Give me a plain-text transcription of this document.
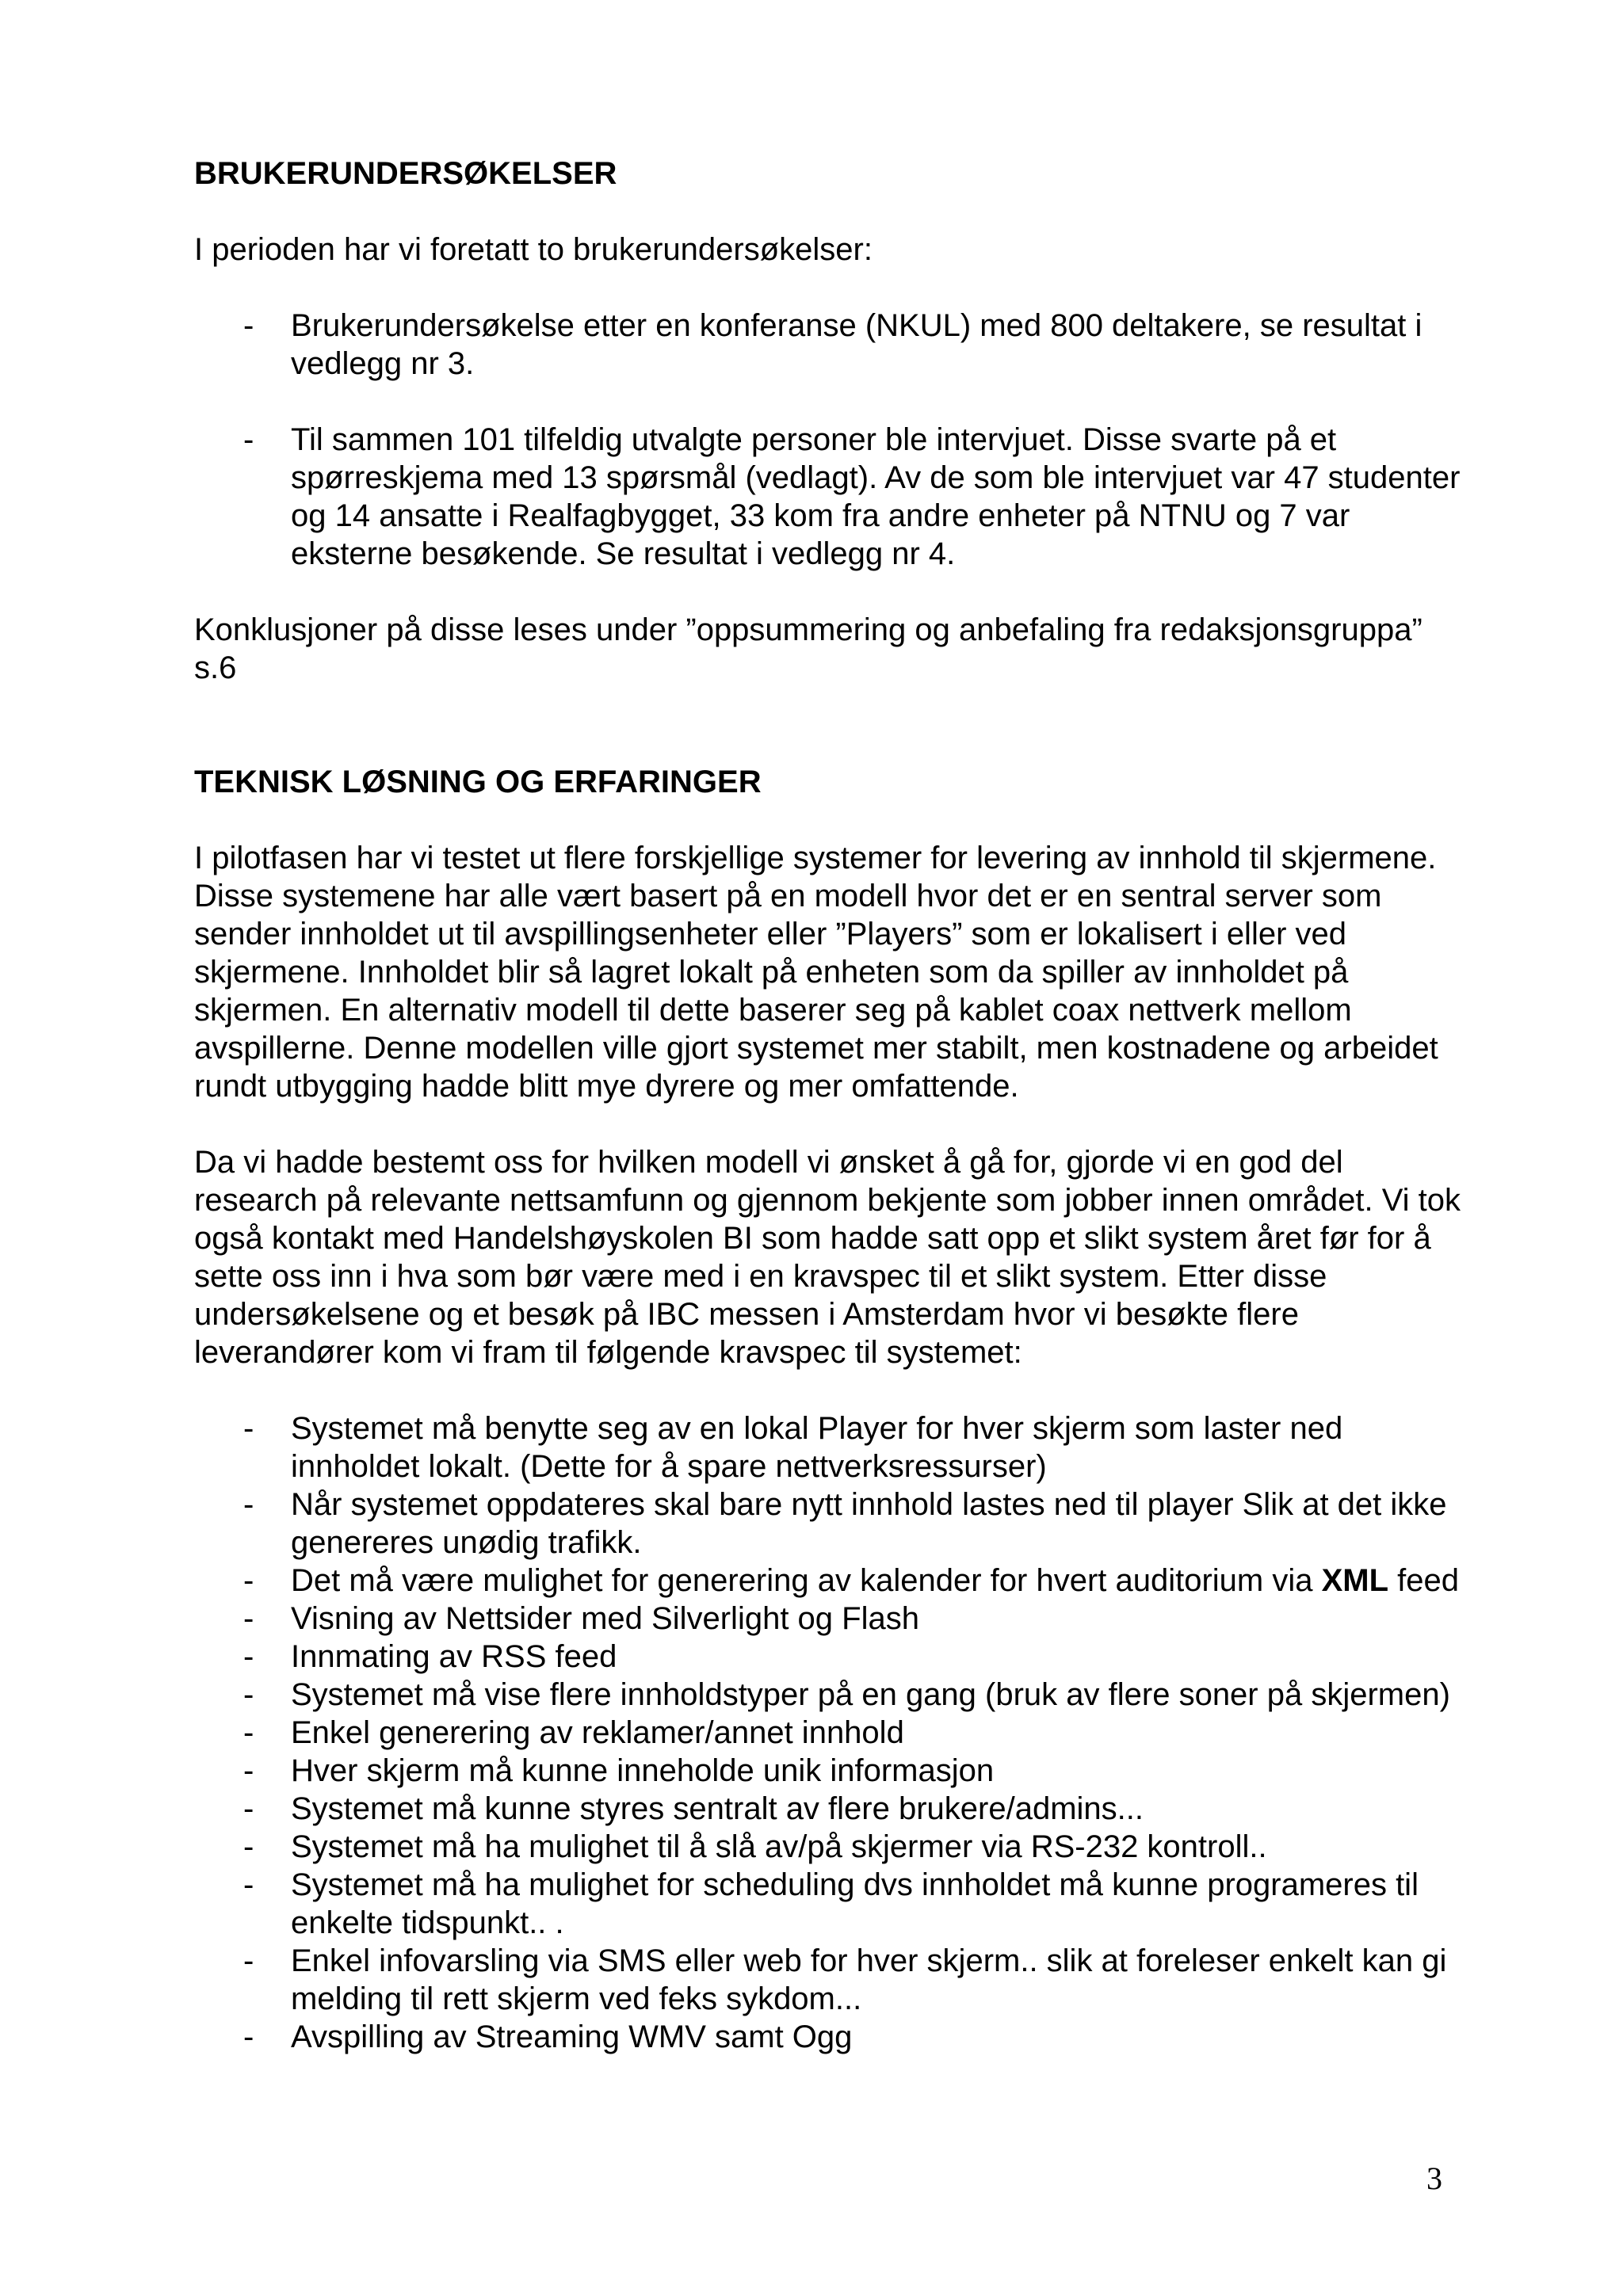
BRUKERUNDERSØKELSER

I perioden har vi foretatt to brukerundersøkelser:

- Brukerundersøkelse etter en konferanse (NKUL) med 800 deltakere, se resultat i vedlegg nr 3.
- Til sammen 101 tilfeldig utvalgte personer ble intervjuet. Disse svarte på et spørreskjema med 13 spørsmål (vedlagt). Av de som ble intervjuet var 47 studenter og 14 ansatte i Realfagbygget, 33 kom fra andre enheter på NTNU og 7 var eksterne besøkende. Se resultat i vedlegg nr 4.

Konklusjoner på disse leses under ”oppsummering og anbefaling fra redaksjonsgruppa” s.6

TEKNISK LØSNING OG ERFARINGER

I pilotfasen har vi testet ut flere forskjellige systemer for levering av innhold til skjermene. Disse systemene har alle vært basert på en modell hvor det er en sentral server som sender innholdet ut til avspillingsenheter eller ”Players” som er lokalisert i eller ved skjermene. Innholdet blir så lagret lokalt på enheten som da spiller av innholdet på skjermen. En alternativ modell til dette baserer seg på kablet coax nettverk mellom avspillerne. Denne modellen ville gjort systemet mer stabilt, men kostnadene og arbeidet rundt utbygging hadde blitt mye dyrere og mer omfattende.

Da vi hadde bestemt oss for hvilken modell vi ønsket å gå for, gjorde vi en god del research på relevante nettsamfunn og gjennom bekjente som jobber innen området. Vi tok også kontakt med Handelshøyskolen BI som hadde satt opp et slikt system året før for å sette oss inn i hva som bør være med i en kravspec til et slikt system. Etter disse undersøkelsene og et besøk på IBC messen i Amsterdam hvor vi besøkte flere leverandører kom vi fram til følgende kravspec til systemet:

- Systemet må benytte seg av en lokal Player for hver skjerm som laster ned innholdet lokalt. (Dette for å spare nettverksressurser)
- Når systemet oppdateres skal bare nytt innhold lastes ned til player Slik at det ikke genereres unødig trafikk.
- Det må være mulighet for generering av kalender for hvert auditorium via XML feed
- Visning av Nettsider med Silverlight og Flash
- Innmating av RSS feed
- Systemet må vise flere innholdstyper på en gang (bruk av flere soner på skjermen)
- Enkel generering av reklamer/annet innhold
- Hver skjerm må kunne inneholde unik informasjon
- Systemet må kunne styres sentralt av flere brukere/admins...
- Systemet må ha mulighet til å slå av/på skjermer via RS-232 kontroll..
- Systemet må ha mulighet for scheduling dvs innholdet må kunne programeres til enkelte tidspunkt.. .
- Enkel infovarsling via SMS eller web for hver skjerm.. slik at foreleser enkelt kan gi melding til rett skjerm ved feks sykdom...
- Avspilling av Streaming WMV samt Ogg
3
